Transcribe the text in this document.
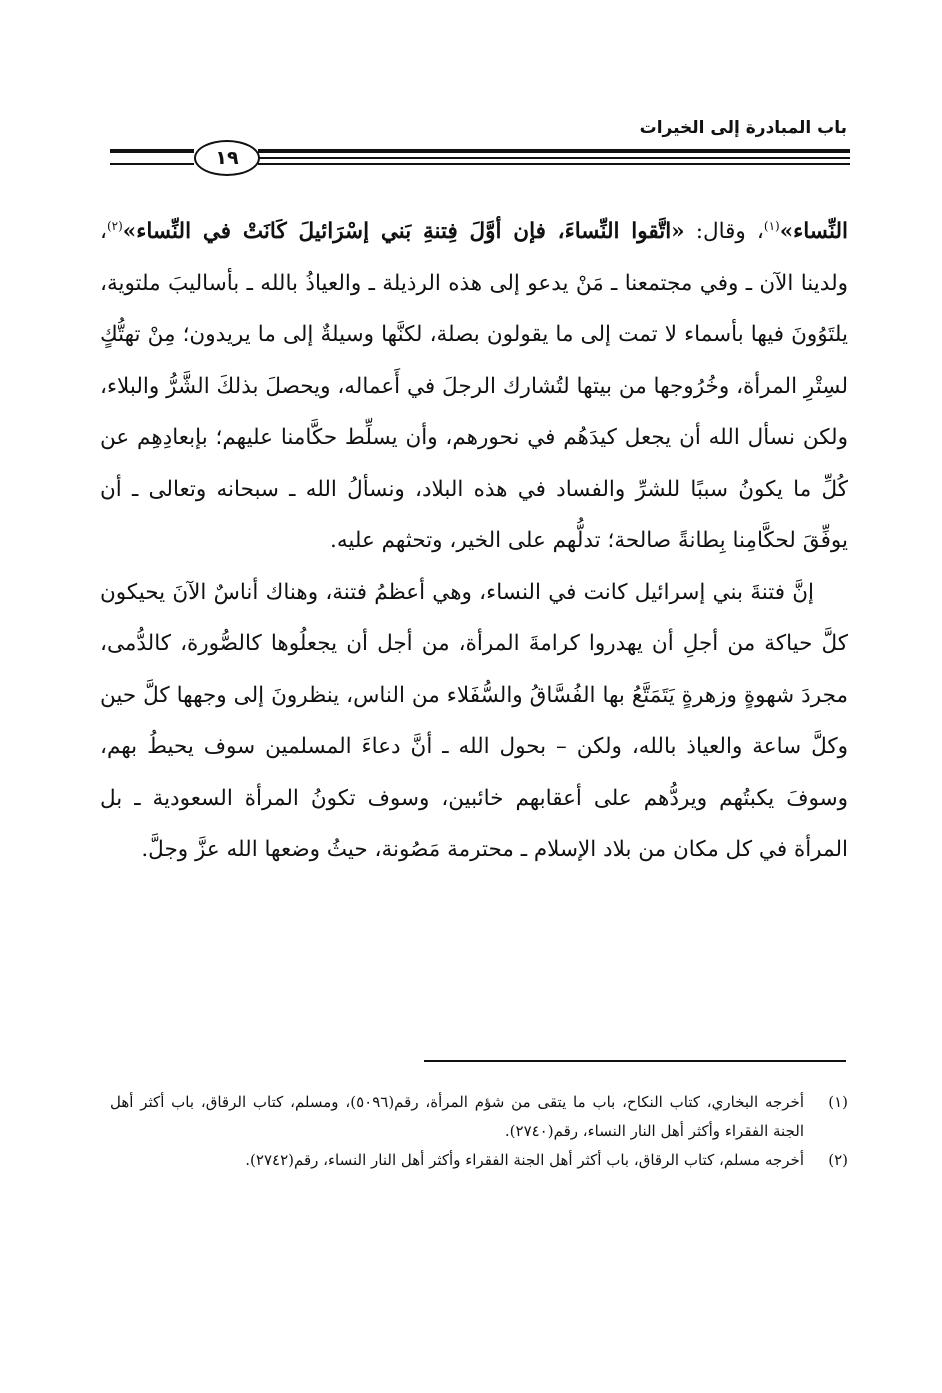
باب المبادرة إلى الخيرات
١٩

النِّساء»$^{(١)}$، وقال: «اتَّقوا النِّساءَ، فإن أوَّلَ فِتنةِ بَني إسْرَائيلَ كَانَتْ في النِّساء»$^{(٢)}$، ولدينا الآن ـ وفي مجتمعنا ـ مَنْ يدعو إلى هذه الرذيلة ـ والعياذُ بالله ـ بأساليبَ ملتوية، يلتَوُونَ فيها بأسماء لا تمت إلى ما يقولون بصلة، لكنَّها وسيلةٌ إلى ما يريدون؛ مِنْ تهتُّكٍ لسِتْرِ المرأة، وخُرُوجها من بيتها لتُشارك الرجلَ في أَعماله، ويحصلَ بذلكَ الشَّرُّ والبلاء، ولكن نسأل الله أن يجعل كيدَهُم في نحورهم، وأن يسلِّط حكَّامنا عليهم؛ بإبعادِهِم عن كُلِّ ما يكونُ سببًا للشرِّ والفساد في هذه البلاد، ونسألُ الله ـ سبحانه وتعالى ـ أن يوفِّقَ لحكَّامِنا بِطانةً صالحة؛ تدلُّهم على الخير، وتحثهم عليه.

إنَّ فتنةَ بني إسرائيل كانت في النساء، وهي أعظمُ فتنة، وهناك أناسٌ الآنَ يحيكون كلَّ حياكة من أجلِ أن يهدروا كرامةَ المرأة، من أجل أن يجعلُوها كالصُّورة، كالدُّمى، مجردَ شهوةٍ وزهرةٍ يَتَمَتَّعُ بها الفُسَّاقُ والسُّفَلاء من الناس، ينظرونَ إلى وجهها كلَّ حين وكلَّ ساعة والعياذ بالله، ولكن – بحول الله ـ أنَّ دعاءَ المسلمين سوف يحيطُ بهم، وسوفَ يكبتُهم ويردُّهم على أعقابهم خائبين، وسوف تكونُ المرأة السعودية ـ بل المرأة في كل مكان من بلاد الإسلام ـ محترمة مَصُونة، حيثُ وضعها الله عزَّ وجلَّ.

(١)
أخرجه البخاري، كتاب النكاح، باب ما يتقى من شؤم المرأة، رقم(٥٠٩٦)، ومسلم، كتاب الرقاق، باب أكثر أهل الجنة الفقراء وأكثر أهل النار النساء، رقم(٢٧٤٠).
(٢)
أخرجه مسلم، كتاب الرقاق، باب أكثر أهل الجنة الفقراء وأكثر أهل النار النساء، رقم(٢٧٤٢).
